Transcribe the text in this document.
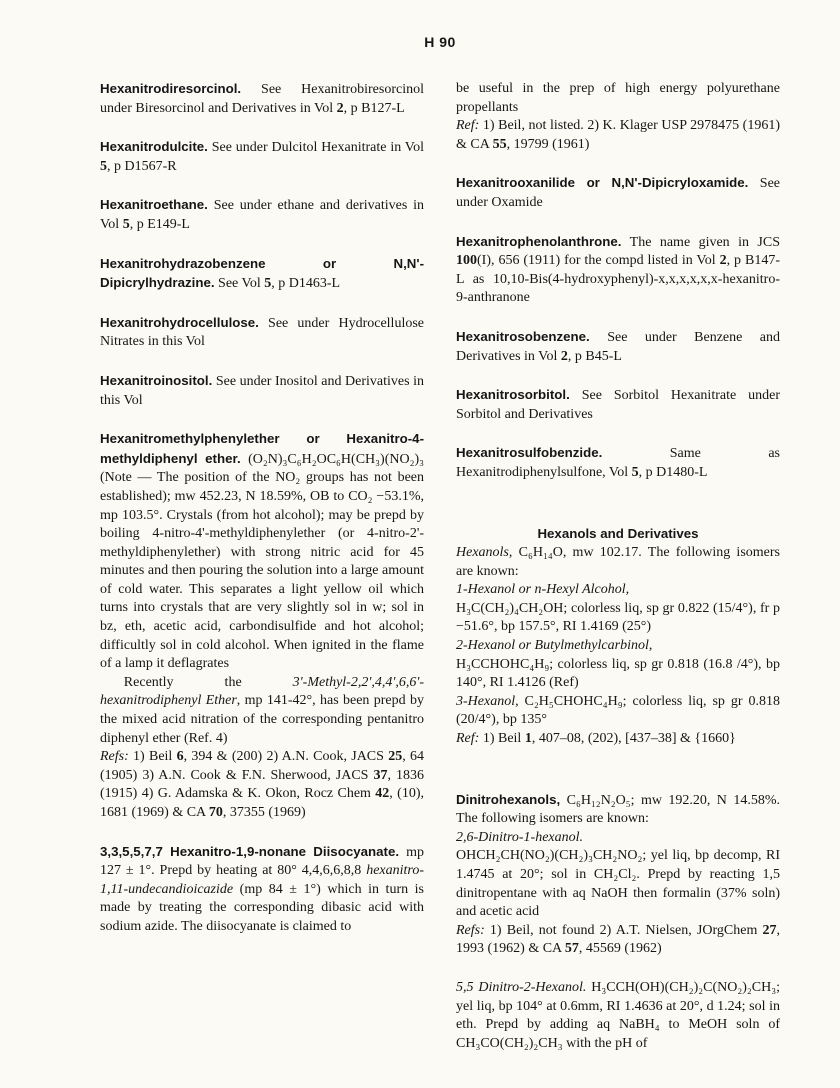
H 90

Hexanitrodiresorcinol. See Hexanitrobiresorcinol under Biresorcinol and Derivatives in Vol 2, p B127-L

Hexanitrodulcite. See under Dulcitol Hexanitrate in Vol 5, p D1567-R

Hexanitroethane. See under ethane and derivatives in Vol 5, p E149-L

Hexanitrohydrazobenzene or N,N'-Dipicrylhydrazine. See Vol 5, p D1463-L

Hexanitrohydrocellulose. See under Hydrocellulose Nitrates in this Vol

Hexanitroinositol. See under Inositol and Derivatives in this Vol

Hexanitromethylphenylether or Hexanitro-4-methyldiphenyl ether. (O₂N)₃C₆H₂OC₆H(CH₃)(NO₂)₃ (Note — The position of the NO₂ groups has not been established); mw 452.23, N 18.59%, OB to CO₂ −53.1%, mp 103.5°. Crystals (from hot alcohol); may be prepd by boiling 4-nitro-4'-methyldiphenylether (or 4-nitro-2'-methyldiphenylether) with strong nitric acid for 45 minutes and then pouring the solution into a large amount of cold water. This separates a light yellow oil which turns into crystals that are very slightly sol in w; sol in bz, eth, acetic acid, carbondisulfide and hot alcohol; difficultly sol in cold alcohol. When ignited in the flame of a lamp it deflagrates

Recently the 3'-Methyl-2,2',4,4',6,6'-hexanitrodiphenyl Ether, mp 141-42°, has been prepd by the mixed acid nitration of the corresponding pentanitro diphenyl ether (Ref. 4)

Refs: 1) Beil 6, 394 & (200) 2) A.N. Cook, JACS 25, 64 (1905) 3) A.N. Cook & F.N. Sherwood, JACS 37, 1836 (1915) 4) G. Adamska & K. Okon, Rocz Chem 42, (10), 1681 (1969) & CA 70, 37355 (1969)

3,3,5,5,7,7 Hexanitro-1,9-nonane Diisocyanate. mp 127 ± 1°. Prepd by heating at 80° 4,4,6,6,8,8 hexanitro-1,11-undecandioicazide (mp 84 ± 1°) which in turn is made by treating the corresponding dibasic acid with sodium azide. The diisocyanate is claimed to

be useful in the prep of high energy polyurethane propellants

Ref: 1) Beil, not listed. 2) K. Klager USP 2978475 (1961) & CA 55, 19799 (1961)

Hexanitrooxanilide or N,N'-Dipicryloxamide. See under Oxamide

Hexanitrophenolanthrone. The name given in JCS 100(I), 656 (1911) for the compd listed in Vol 2, p B147-L as 10,10-Bis(4-hydroxyphenyl)-x,x,x,x,x,x-hexanitro-9-anthranone

Hexanitrosobenzene. See under Benzene and Derivatives in Vol 2, p B45-L

Hexanitrosorbitol. See Sorbitol Hexanitrate under Sorbitol and Derivatives

Hexanitrosulfobenzide. Same as Hexanitrodiphenylsulfone, Vol 5, p D1480-L

Hexanols and Derivatives

Hexanols, C₆H₁₄O, mw 102.17. The following isomers are known:

1-Hexanol or n-Hexyl Alcohol,

H₃C(CH₂)₄CH₂OH; colorless liq, sp gr 0.822 (15/4°), fr p −51.6°, bp 157.5°, RI 1.4169 (25°)

2-Hexanol or Butylmethylcarbinol,

H₃CCHOHC₄H₉; colorless liq, sp gr 0.818 (16.8 /4°), bp 140°, RI 1.4126 (Ref)

3-Hexanol, C₂H₅CHOHC₄H₉; colorless liq, sp gr 0.818 (20/4°), bp 135°

Ref: 1) Beil 1, 407–08, (202), [437–38] & {1660}

Dinitrohexanols, C₆H₁₂N₂O₅; mw 192.20, N 14.58%. The following isomers are known:

2,6-Dinitro-1-hexanol.

OHCH₂CH(NO₂)(CH₂)₃CH₂NO₂; yel liq, bp decomp, RI 1.4745 at 20°; sol in CH₂Cl₂. Prepd by reacting 1,5 dinitropentane with aq NaOH then formalin (37% soln) and acetic acid

Refs: 1) Beil, not found 2) A.T. Nielsen, JOrgChem 27, 1993 (1962) & CA 57, 45569 (1962)

5,5 Dinitro-2-Hexanol. H₃CCH(OH)(CH₂)₂C(NO₂)₂CH₃; yel liq, bp 104° at 0.6mm, RI 1.4636 at 20°, d 1.24; sol in eth. Prepd by adding aq NaBH₄ to MeOH soln of CH₃CO(CH₂)₂CH₃ with the pH of
